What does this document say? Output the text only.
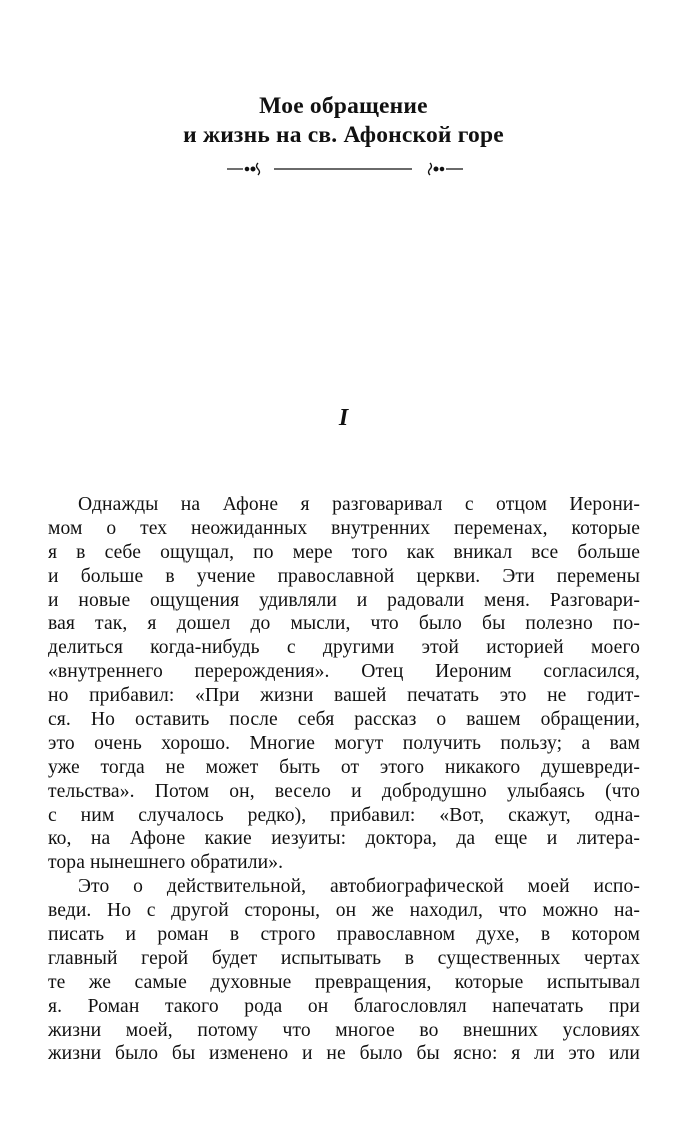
Мое обращение
и жизнь на св. Афонской горе
I
Однажды на Афоне я разговаривал с отцом Иерони-
мом о тех неожиданных внутренних переменах, которые
я в себе ощущал, по мере того как вникал все больше
и больше в учение православной церкви. Эти перемены
и новые ощущения удивляли и радовали меня. Разговари-
вая так, я дошел до мысли, что было бы полезно по-
делиться когда-нибудь с другими этой историей моего
«внутреннего перерождения». Отец Иероним согласился,
но прибавил: «При жизни вашей печатать это не годит-
ся. Но оставить после себя рассказ о вашем обращении,
это очень хорошо. Многие могут получить пользу; а вам
уже тогда не может быть от этого никакого душевреди-
тельства». Потом он, весело и добродушно улыбаясь (что
с ним случалось редко), прибавил: «Вот, скажут, одна-
ко, на Афоне какие иезуиты: доктора, да еще и литера-
тора нынешнего обратили».
Это о действительной, автобиографической моей испо-
веди. Но с другой стороны, он же находил, что можно на-
писать и роман в строго православном духе, в котором
главный герой будет испытывать в существенных чертах
те же самые духовные превращения, которые испытывал
я. Роман такого рода он благословлял напечатать при
жизни моей, потому что многое во внешних условиях
жизни было бы изменено и не было бы ясно: я ли это или
